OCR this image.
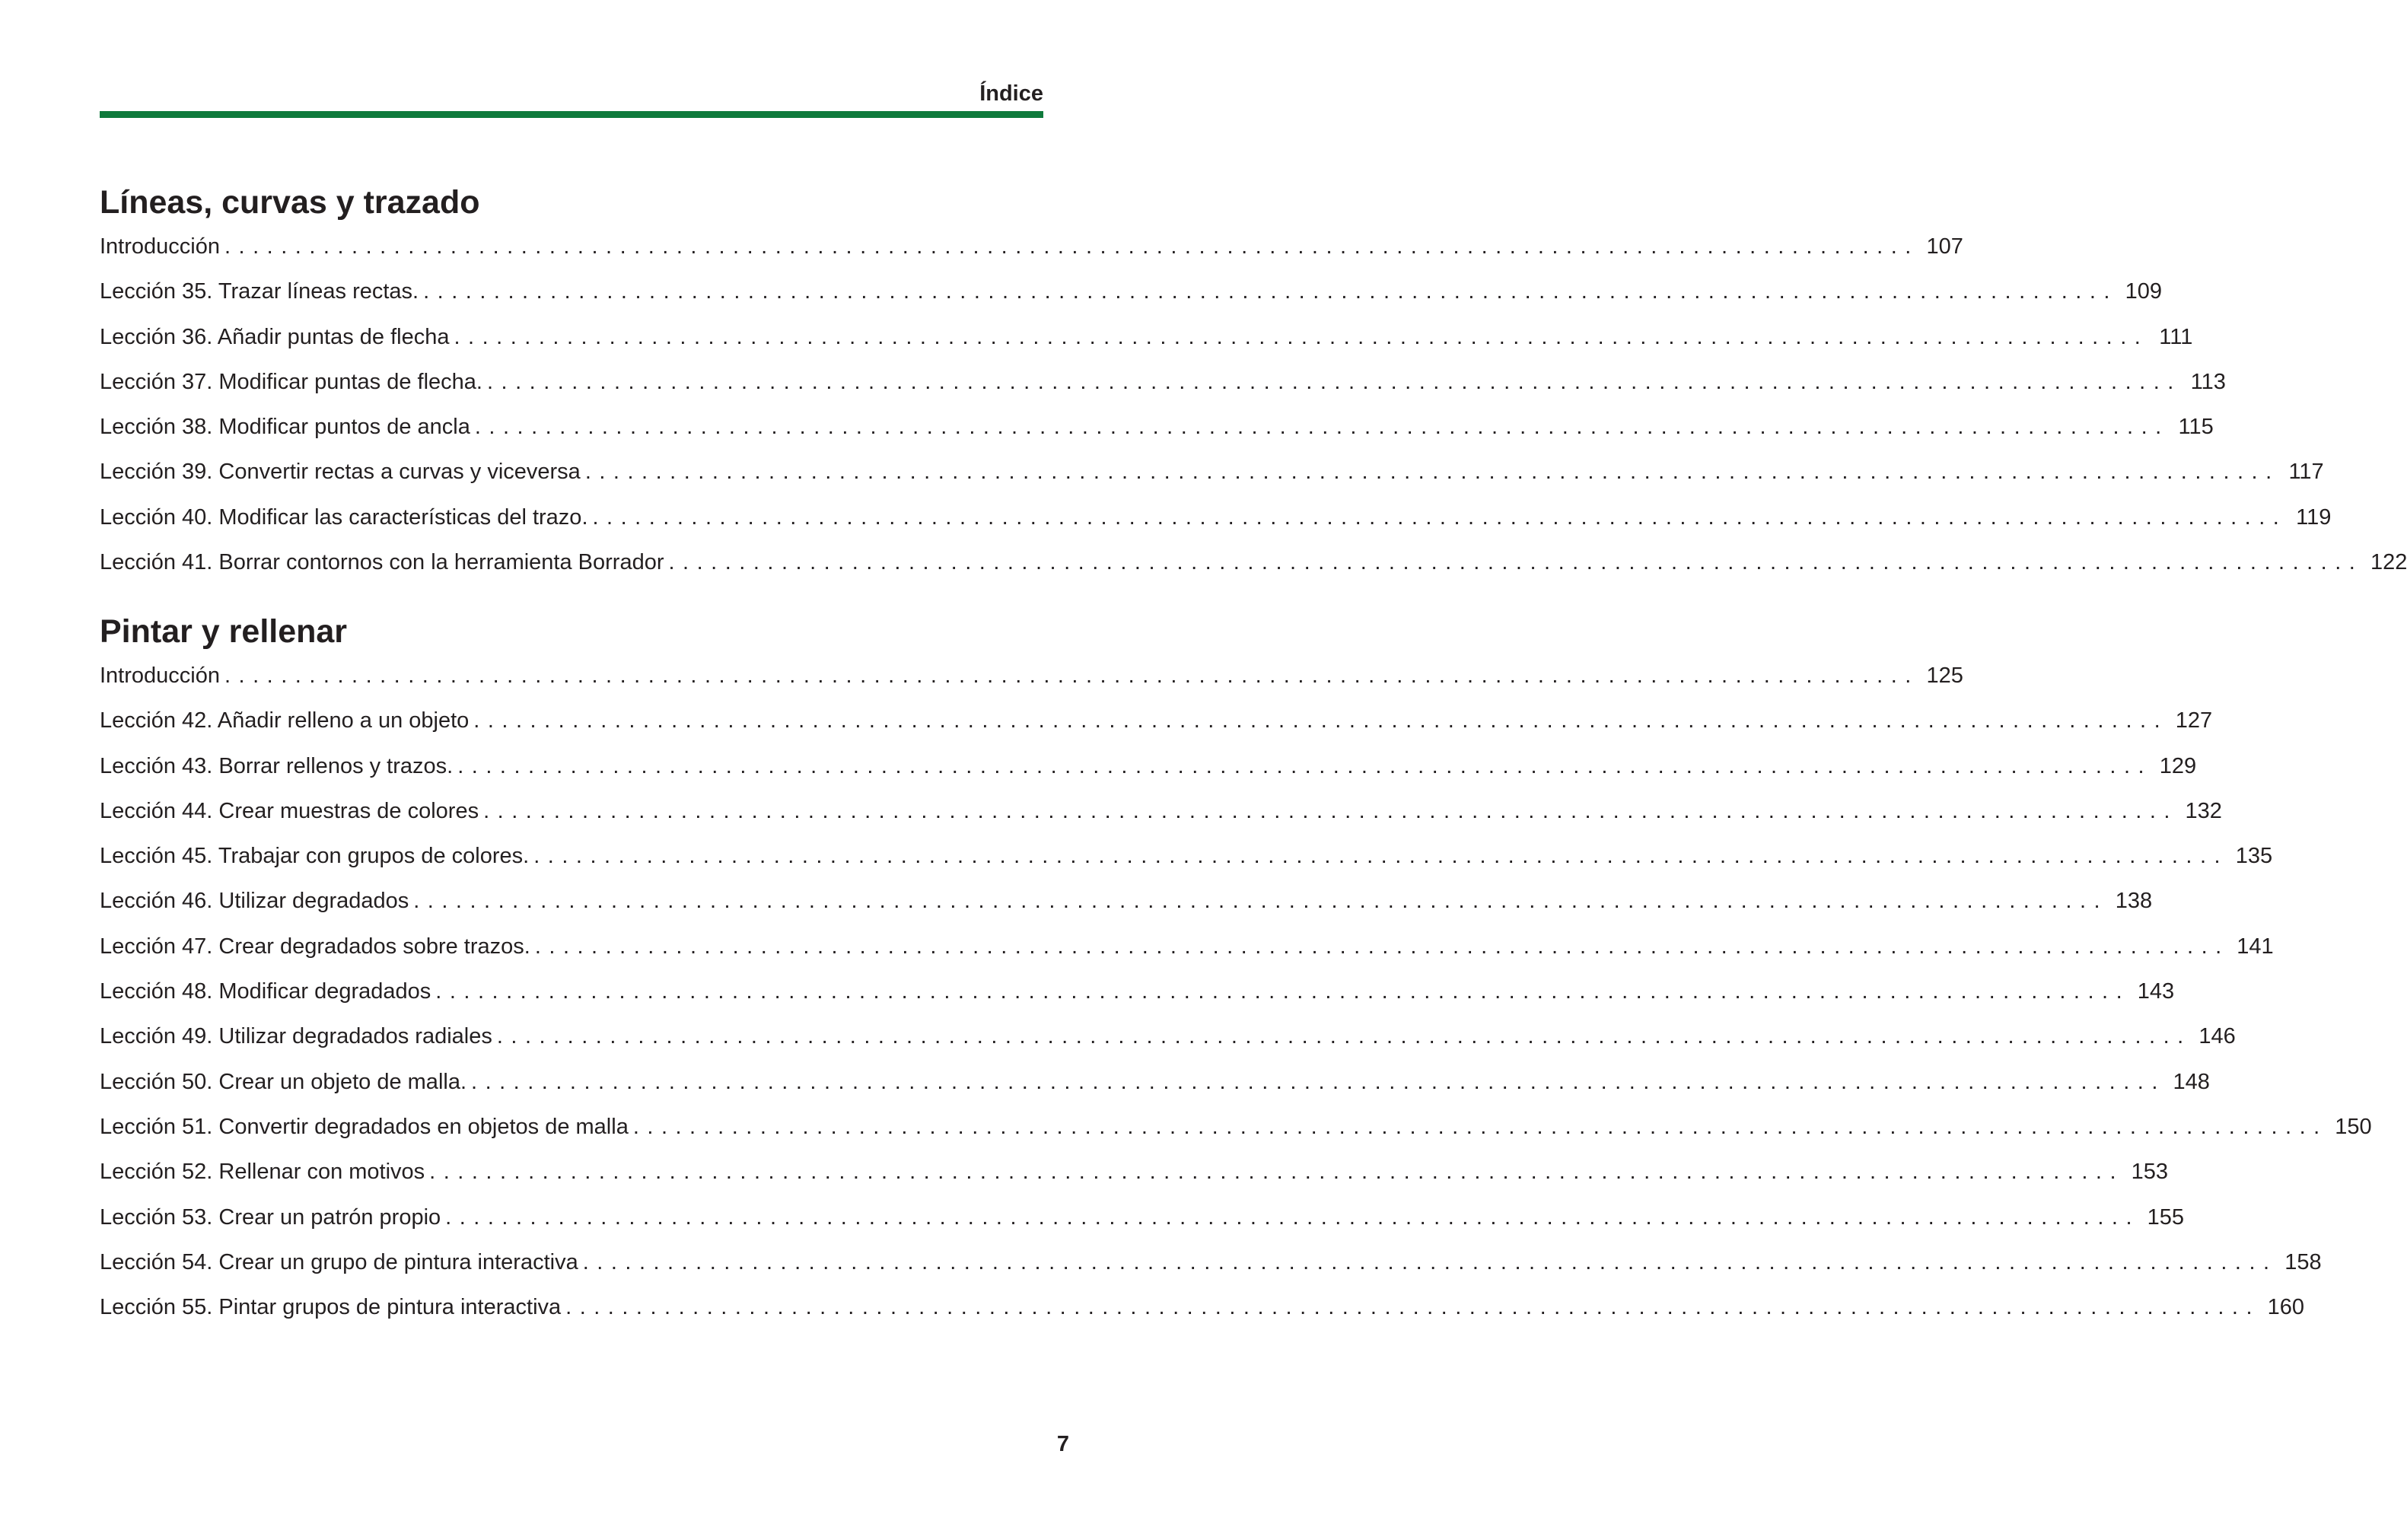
Índice
Líneas, curvas y trazado
Introducción ........................................................................................................................ 107
Lección 35. Trazar líneas rectas. ........................................................................................................................ 109
Lección 36. Añadir puntas de flecha ........................................................................................................................ 111
Lección 37. Modificar puntas de flecha. ........................................................................................................................ 113
Lección 38. Modificar puntos de ancla ........................................................................................................................ 115
Lección 39. Convertir rectas a curvas y viceversa ........................................................................................................................ 117
Lección 40. Modificar las características del trazo. ........................................................................................................................ 119
Lección 41. Borrar contornos con la herramienta Borrador ........................................................................................................................ 122
Pintar y rellenar
Introducción ........................................................................................................................ 125
Lección 42. Añadir relleno a un objeto ........................................................................................................................ 127
Lección 43. Borrar rellenos y trazos. ........................................................................................................................ 129
Lección 44. Crear muestras de colores ........................................................................................................................ 132
Lección 45. Trabajar con grupos de colores. ........................................................................................................................ 135
Lección 46. Utilizar degradados ........................................................................................................................ 138
Lección 47. Crear degradados sobre trazos. ........................................................................................................................ 141
Lección 48. Modificar degradados ........................................................................................................................ 143
Lección 49. Utilizar degradados radiales ........................................................................................................................ 146
Lección 50. Crear un objeto de malla. ........................................................................................................................ 148
Lección 51. Convertir degradados en objetos de malla ........................................................................................................................ 150
Lección 52. Rellenar con motivos ........................................................................................................................ 153
Lección 53. Crear un patrón propio ........................................................................................................................ 155
Lección 54. Crear un grupo de pintura interactiva ........................................................................................................................ 158
Lección 55. Pintar grupos de pintura interactiva ........................................................................................................................ 160
7
